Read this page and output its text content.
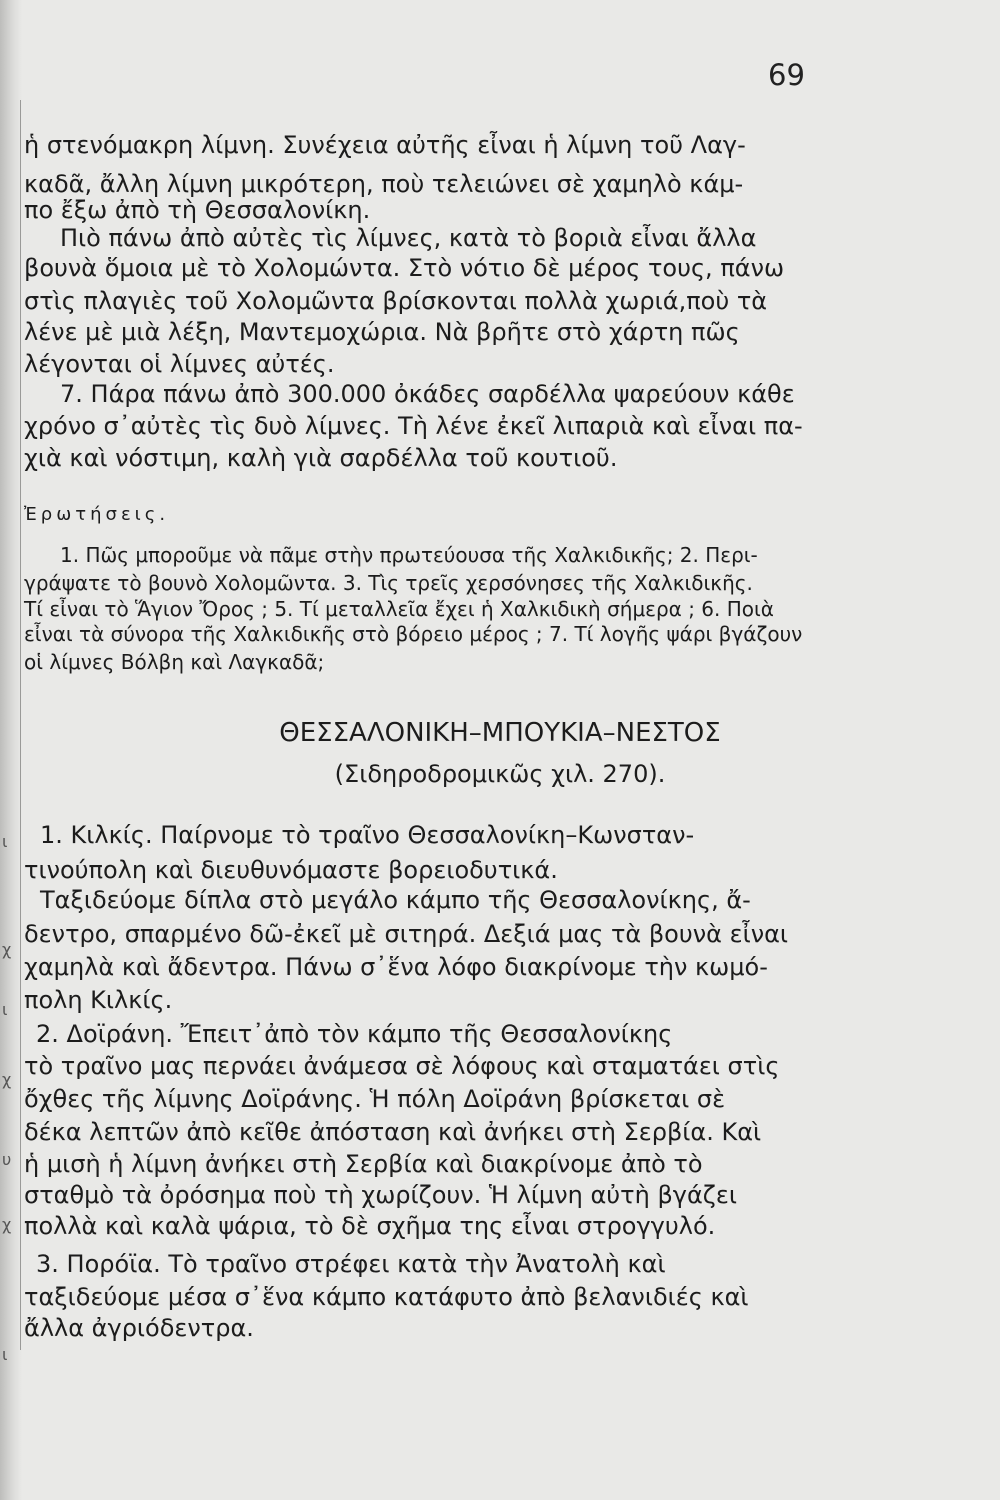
ι
χ
ι
χ
υ
χ
ι
69
ἡ στενόμακρη λίμνη. Συνέχεια αὐτῆς εἶναι ἡ λίμνη τοῦ Λαγ-
καδᾶ, ἄλλη λίμνη μικρότερη, ποὺ τελειώνει σὲ χαμηλὸ κάμ-
πο ἔξω ἀπὸ τὴ Θεσσαλονίκη.
Πιὸ πάνω ἀπὸ αὐτὲς τὶς λίμνες, κατὰ τὸ βοριὰ εἶναι ἄλλα
βουνὰ ὅμοια μὲ τὸ Χολομώντα. Στὸ νότιο δὲ μέρος τους, πάνω
στὶς πλαγιὲς τοῦ Χολομῶντα βρίσκονται πολλὰ χωριά,ποὺ τὰ
λένε μὲ μιὰ λέξη, Μαντεμοχώρια. Νὰ βρῆτε στὸ χάρτη πῶς
λέγονται οἱ λίμνες αὐτές.
7. Πάρα πάνω ἀπὸ 300.000 ὀκάδες σαρδέλλα ψαρεύουν κάθε
χρόνο σ᾽αὐτὲς τὶς δυὸ λίμνες. Τὴ λένε ἐκεῖ λιπαριὰ καὶ εἶναι πα-
χιὰ καὶ νόστιμη, καλὴ γιὰ σαρδέλλα τοῦ κουτιοῦ.
Ἐρωτήσεις.
1. Πῶς μποροῦμε νὰ πᾶμε στὴν πρωτεύουσα τῆς Χαλκιδικῆς; 2. Περι-
γράψατε τὸ βουνὸ Χολομῶντα. 3. Τὶς τρεῖς χερσόνησες τῆς Χαλκιδικῆς.
Τί εἶναι τὸ Ἅγιον Ὄρος ; 5. Τί μεταλλεῖα ἔχει ἡ Χαλκιδικὴ σήμερα ; 6. Ποιὰ
εἶναι τὰ σύνορα τῆς Χαλκιδικῆς στὸ βόρειο μέρος ; 7. Τί λογῆς ψάρι βγάζουν
οἱ λίμνες Βόλβη καὶ Λαγκαδᾶ;
ΘΕΣΣΑΛΟΝΙΚΗ–ΜΠΟΥΚΙΑ–ΝΕΣΤΟΣ
(Σιδηροδρομικῶς χιλ. 270).
1. Κιλκίς. Παίρνομε τὸ τραῖνο Θεσσαλονίκη–Κωνσταν-
τινούπολη καὶ διευθυνόμαστε βορειοδυτικά.
Ταξιδεύομε δίπλα στὸ μεγάλο κάμπο τῆς Θεσσαλονίκης, ἄ-
δεντρο, σπαρμένο δῶ-ἐκεῖ μὲ σιτηρά. Δεξιά μας τὰ βουνὰ εἶναι
χαμηλὰ καὶ ἄδεντρα. Πάνω σ᾽ἕνα λόφο διακρίνομε τὴν κωμό-
πολη Κιλκίς.
2. Δοϊράνη. Ἔπειτ᾽ἀπὸ τὸν κάμπο τῆς Θεσσαλονίκης
τὸ τραῖνο μας περνάει ἀνάμεσα σὲ λόφους καὶ σταματάει στὶς
ὄχθες τῆς λίμνης Δοϊράνης. Ἡ πόλη Δοϊράνη βρίσκεται σὲ
δέκα λεπτῶν ἀπὸ κεῖθε ἀπόσταση καὶ ἀνήκει στὴ Σερβία. Καὶ
ἡ μισὴ ἡ λίμνη ἀνήκει στὴ Σερβία καὶ διακρίνομε ἀπὸ τὸ
σταθμὸ τὰ ὀρόσημα ποὺ τὴ χωρίζουν. Ἡ λίμνη αὐτὴ βγάζει
πολλὰ καὶ καλὰ ψάρια, τὸ δὲ σχῆμα της εἶναι στρογγυλό.
3. Πορόϊα. Τὸ τραῖνο στρέφει κατὰ τὴν Ἀνατολὴ καὶ
ταξιδεύομε μέσα σ᾽ἕνα κάμπο κατάφυτο ἀπὸ βελανιδιές καὶ
ἄλλα ἀγριόδεντρα.
